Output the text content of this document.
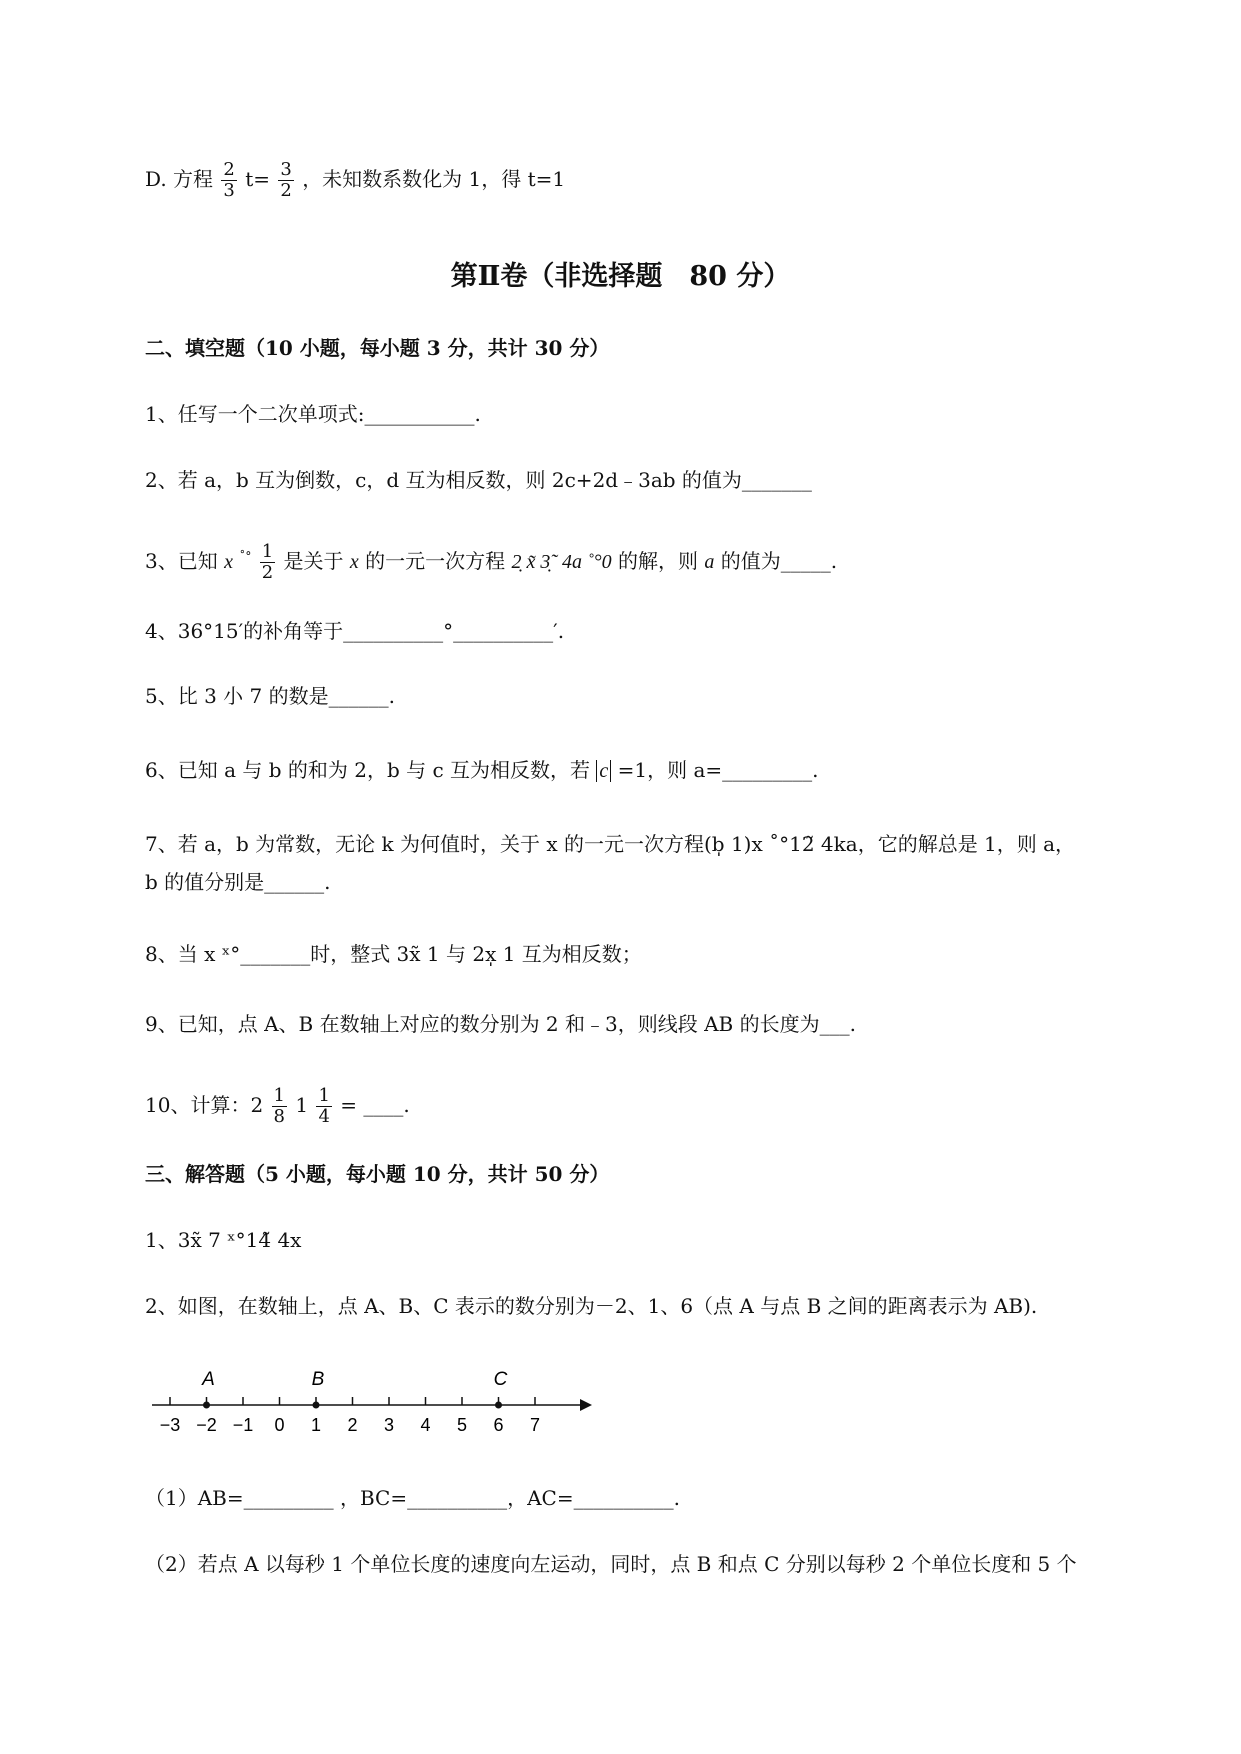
D. 方程 $\frac{2}{3} t= \frac{3}{2}$ ，未知数系数化为 1，得 t=1
第Ⅱ卷（非选择题　80 分）
二、填空题（10 小题，每小题 3 分，共计 30 分）
1、任写一个二次单项式:___________.
2、若 a，b 互为倒数，c，d 互为相反数，则 2c+2d﹣3ab 的值为_______
3、已知 x $^{˚^\circ} \frac{1}{2}$ 是关于 x 的一元一次方程 2̣ x̃ 3̣˜ 4a ˚°0 的解，则 a 的值为_____.
4、36°15′的补角等于__________°__________′.
5、比 3 小 7 的数是______.
6、已知 a 与 b 的和为 2，b 与 c 互为相反数，若 c =1，则 a=_________.
7、若 a，b 为常数，无论 k 为何值时，关于 x 的一元一次方程(b̩ 1)x ˚°12̃ 4ka，它的解总是 1，则 a，
b 的值分别是______.
8、当 x ˣ°_______时，整式 3x̃ 1 与 2x̩ 1 互为相反数；
9、已知，点 A、B 在数轴上对应的数分别为 2 和﹣3，则线段 AB 的长度为___.
10、计算：$2 \frac{1}{8} 1 \frac{1}{4}$ = ____.
三、解答题（5 小题，每小题 10 分，共计 50 分）
1、3x̃ 7 ˣ°14̃ 4x
2、如图，在数轴上，点 A、B、C 表示的数分别为－2、1、6（点 A 与点 B 之间的距离表示为 AB).
−3 −2 −1 0 1 2 3 4 5 6 7
A	B	C
（1）AB=_________ ，BC=__________，AC=__________.
（2）若点 A 以每秒 1 个单位长度的速度向左运动，同时，点 B 和点 C 分别以每秒 2 个单位长度和 5 个
